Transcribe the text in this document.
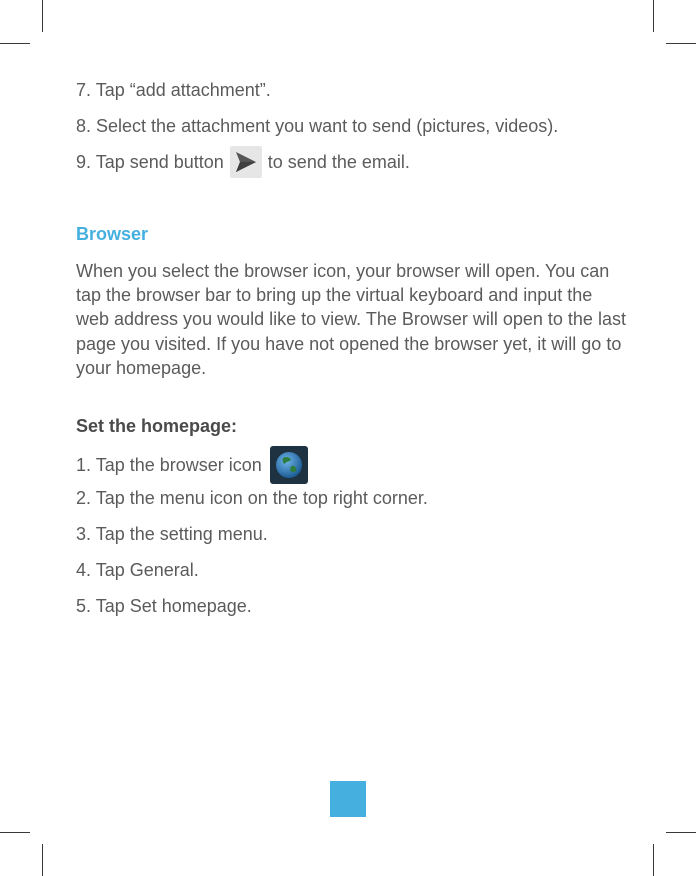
7. Tap “add attachment”.
8. Select the attachment you want to send (pictures, videos).
9. Tap send button to send the email.
Browser
When you select the browser icon, your browser will open. You can tap the browser bar to bring up the virtual keyboard and input the web address you would like to view. The Browser will open to the last page you visited. If you have not opened the browser yet, it will go to your homepage.
Set the homepage:
1. Tap the browser icon
2. Tap the menu icon on the top right corner.
3. Tap the setting menu.
4. Tap General.
5. Tap Set homepage.
